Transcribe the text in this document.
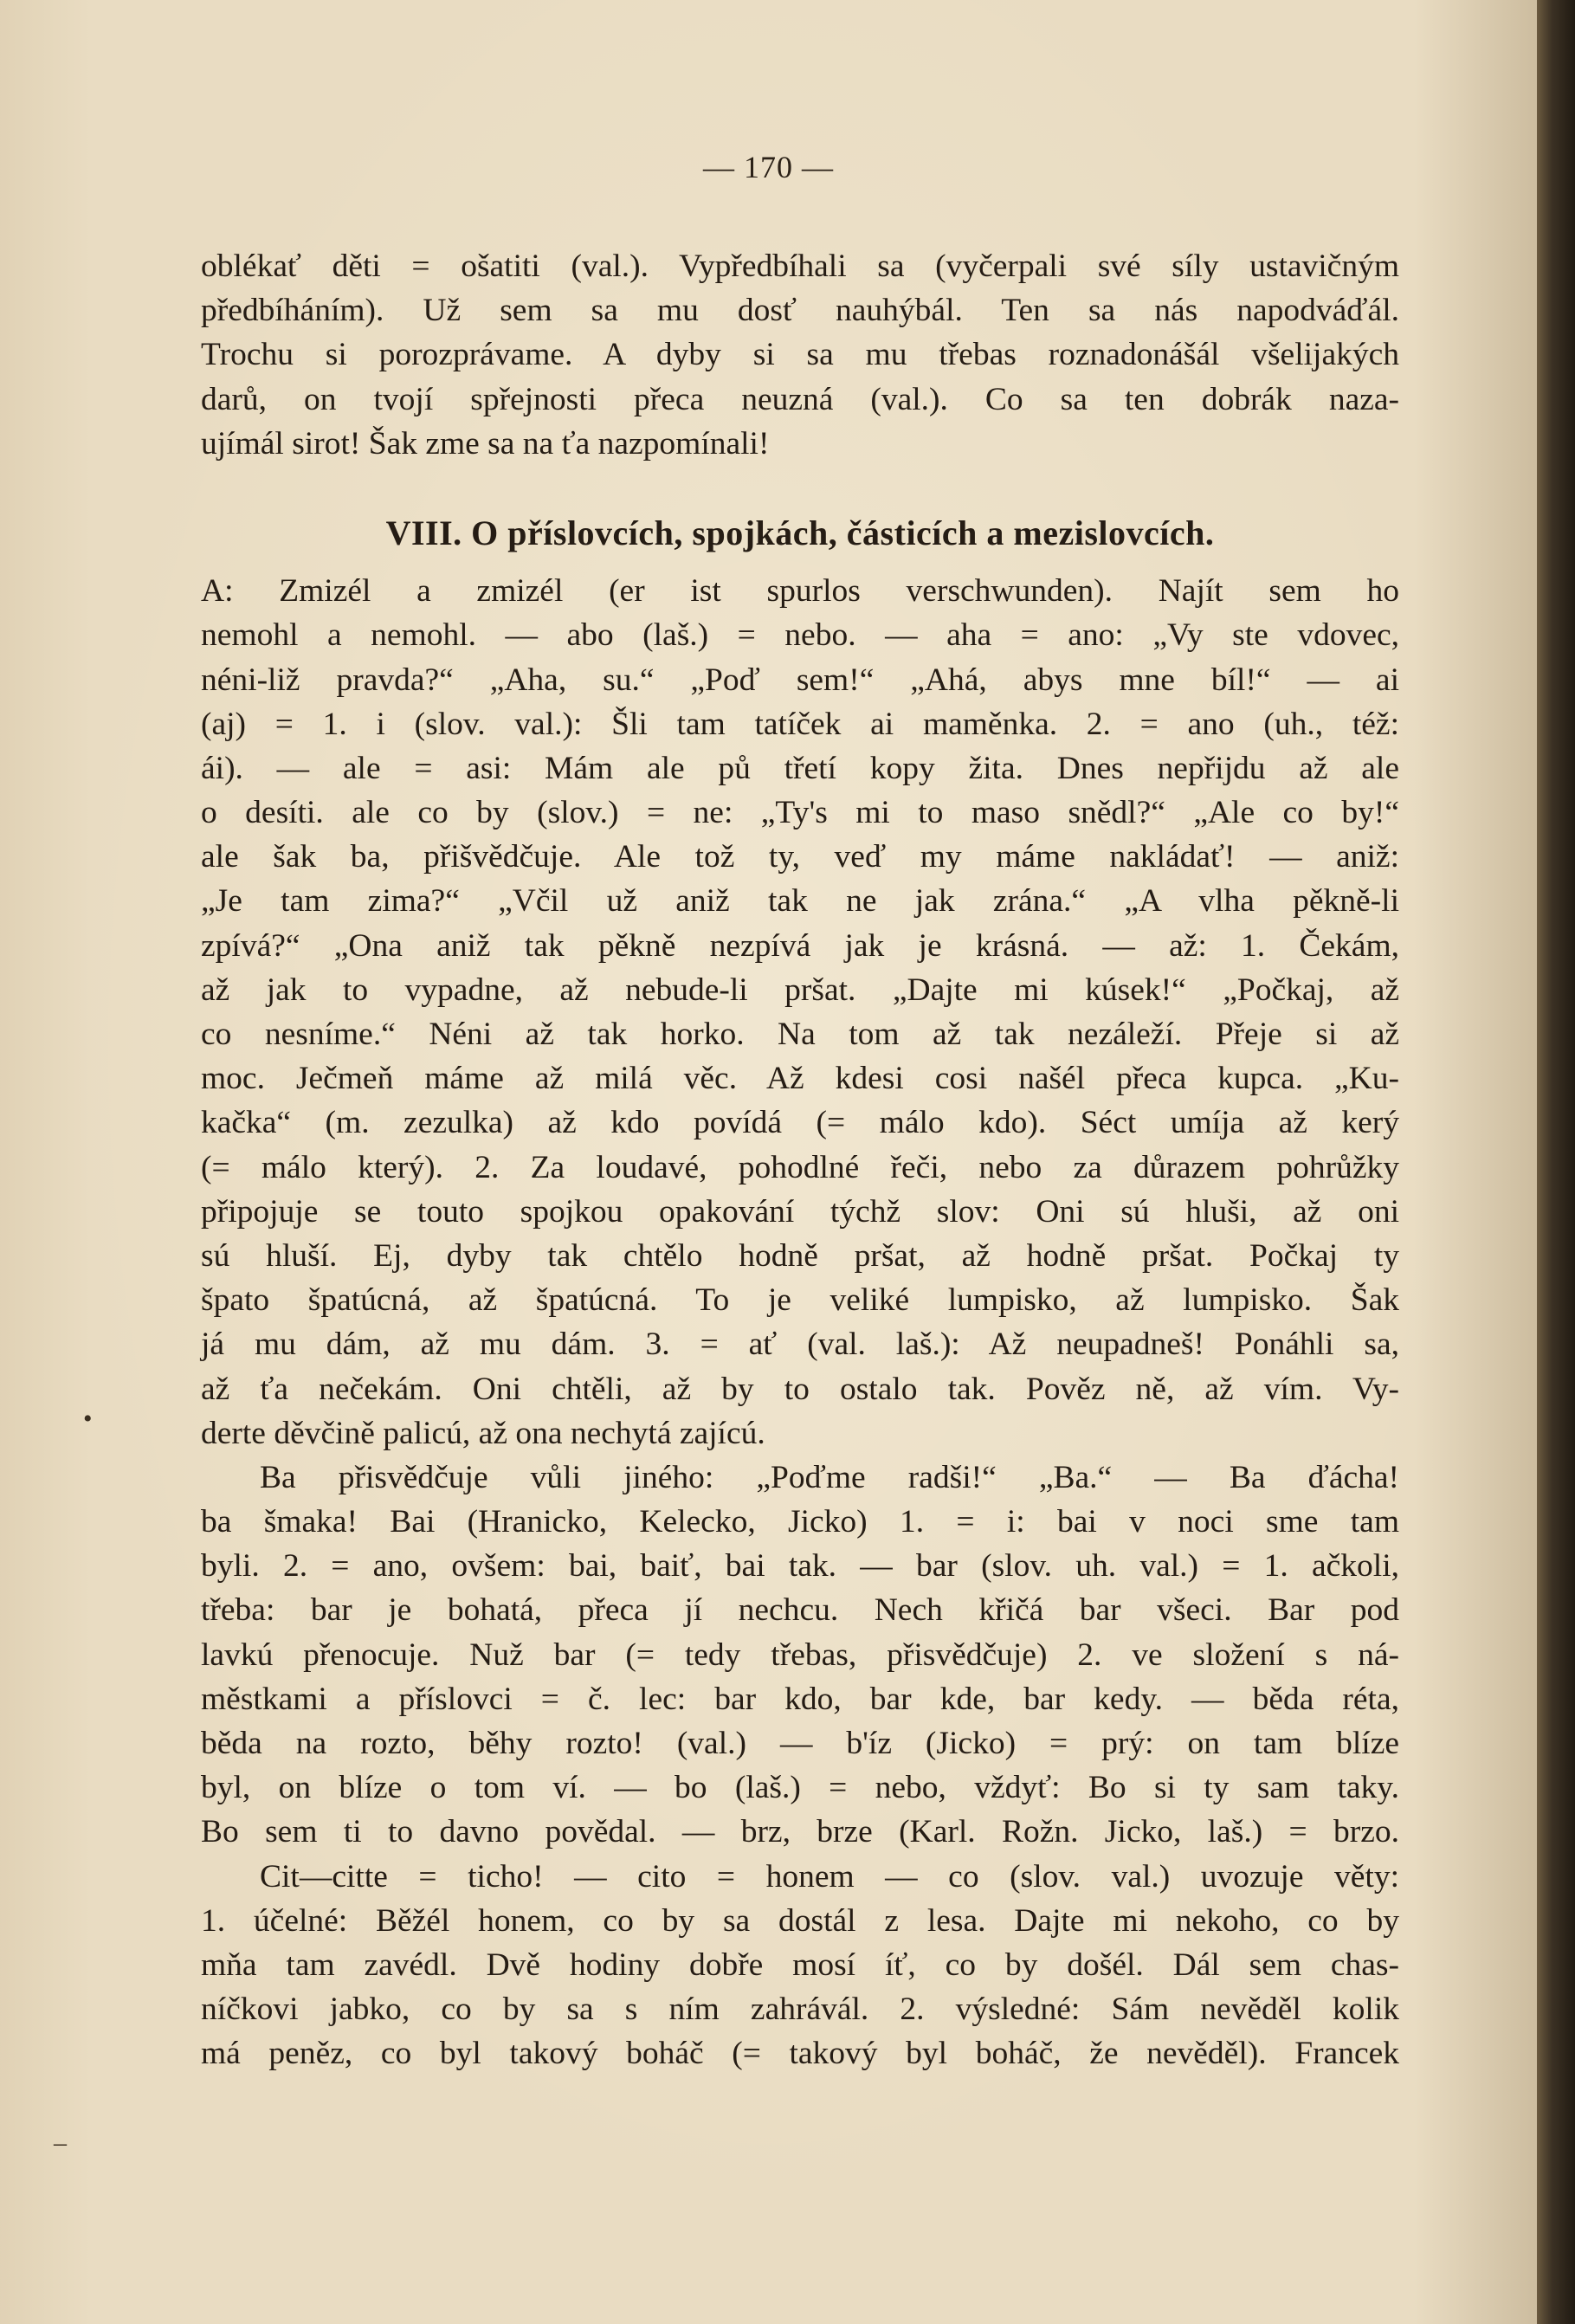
— 170 —
oblékať děti = ošatiti (val.). Vypředbíhali sa (vyčerpali své síly ustavičným
předbíháním). Už sem sa mu dosť nauhýbál. Ten sa nás napodváďál.
Trochu si porozprávame. A dyby si sa mu třebas roznadonášál všelijakých
darů, on tvojí spřejnosti přeca neuzná (val.). Co sa ten dobrák naza-
ujímál sirot! Šak zme sa na ťa nazpomínali!
VIII. O příslovcích, spojkách, částicích a mezislovcích.
A: Zmizél a zmizél (er ist spurlos verschwunden). Najít sem ho
nemohl a nemohl. — abo (laš.) = nebo. — aha = ano: „Vy ste vdovec,
néni-liž pravda?“ „Aha, su.“ „Poď sem!“ „Ahá, abys mne bíl!“ — ai
(aj) = 1. i (slov. val.): Šli tam tatíček ai maměnka. 2. = ano (uh., též:
ái). — ale = asi: Mám ale pů třetí kopy žita. Dnes nepřijdu až ale
o desíti. ale co by (slov.) = ne: „Ty's mi to maso snědl?“ „Ale co by!“
ale šak ba, přišvědčuje. Ale tož ty, veď my máme nakládať! — aniž:
„Je tam zima?“ „Včil už aniž tak ne jak zrána.“ „A vlha pěkně-li
zpívá?“ „Ona aniž tak pěkně nezpívá jak je krásná. — až: 1. Čekám,
až jak to vypadne, až nebude-li pršat. „Dajte mi kúsek!“ „Počkaj, až
co nesníme.“ Néni až tak horko. Na tom až tak nezáleží. Přeje si až
moc. Ječmeň máme až milá věc. Až kdesi cosi našél přeca kupca. „Ku-
kačka“ (m. zezulka) až kdo povídá (= málo kdo). Séct umíja až kerý
(= málo který). 2. Za loudavé, pohodlné řeči, nebo za důrazem pohrůžky
připojuje se touto spojkou opakování týchž slov: Oni sú hluši, až oni
sú hluší. Ej, dyby tak chtělo hodně pršat, až hodně pršat. Počkaj ty
špato špatúcná, až špatúcná. To je veliké lumpisko, až lumpisko. Šak
já mu dám, až mu dám. 3. = ať (val. laš.): Až neupadneš! Ponáhli sa,
až ťa nečekám. Oni chtěli, až by to ostalo tak. Pověz ně, až vím. Vy-
derte děvčině palicú, až ona nechytá zajícú.
Ba přisvědčuje vůli jiného: „Poďme radši!“ „Ba.“ — Ba ďácha!
ba šmaka! Bai (Hranicko, Kelecko, Jicko) 1. = i: bai v noci sme tam
byli. 2. = ano, ovšem: bai, baiť, bai tak. — bar (slov. uh. val.) = 1. ačkoli,
třeba: bar je bohatá, přeca jí nechcu. Nech křičá bar všeci. Bar pod
lavkú přenocuje. Nuž bar (= tedy třebas, přisvědčuje) 2. ve složení s ná-
městkami a příslovci = č. lec: bar kdo, bar kde, bar kedy. — běda réta,
běda na rozto, běhy rozto! (val.) — b'íz (Jicko) = prý: on tam blíze
byl, on blíze o tom ví. — bo (laš.) = nebo, vždyť: Bo si ty sam taky.
Bo sem ti to davno povědal. — brz, brze (Karl. Rožn. Jicko, laš.) = brzo.
Cit—citte = ticho! — cito = honem — co (slov. val.) uvozuje věty:
1. účelné: Běžél honem, co by sa dostál z lesa. Dajte mi nekoho, co by
mňa tam zavédl. Dvě hodiny dobře mosí íť, co by došél. Dál sem chas-
níčkovi jabko, co by sa s ním zahrávál. 2. výsledné: Sám nevěděl kolik
má peněz, co byl takový boháč (= takový byl boháč, že nevěděl). Francek
•
–
